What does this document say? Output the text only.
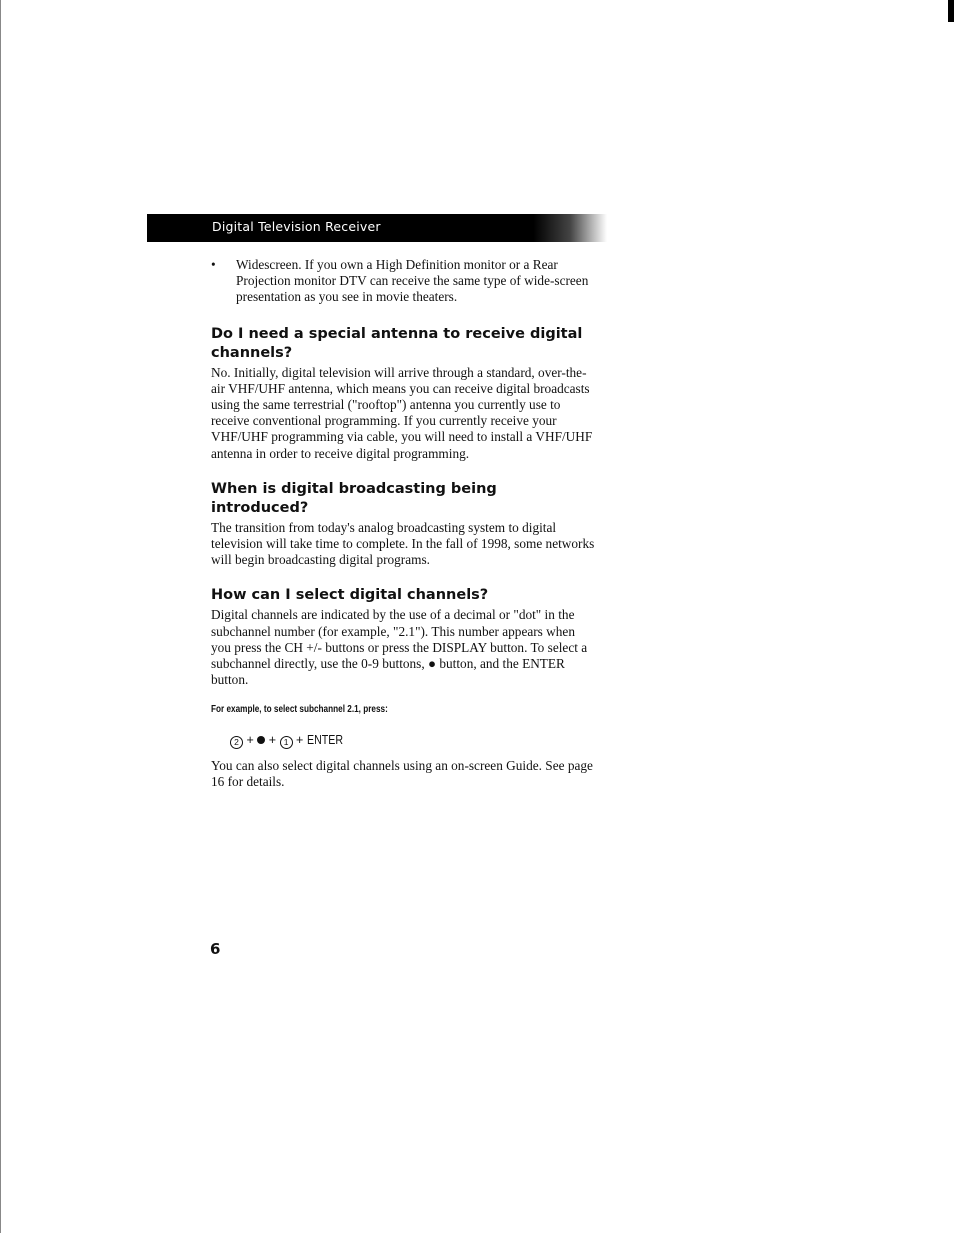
Digital Television Receiver
•	Widescreen. If you own a High Definition monitor or a Rear Projection monitor DTV can receive the same type of wide-screen presentation as you see in movie theaters.
Do I need a special antenna to receive digital channels?

No. Initially, digital television will arrive through a standard, over-the-air VHF/UHF antenna, which means you can receive digital broadcasts using the same terrestrial ("rooftop") antenna you currently use to receive conventional programming. If you currently receive your VHF/UHF programming via cable, you will need to install a VHF/UHF antenna in order to receive digital programming.

When is digital broadcasting being introduced?

The transition from today's analog broadcasting system to digital television will take time to complete. In the fall of 1998, some networks will begin broadcasting digital programs.

How can I select digital channels?

Digital channels are indicated by the use of a decimal or "dot" in the subchannel number (for example, "2.1"). This number appears when you press the CH +/- buttons or press the DISPLAY button. To select a subchannel directly, use the 0-9 buttons, ● button, and the ENTER button.

For example, to select subchannel 2.1, press:
2 + + 1 + ENTER

You can also select digital channels using an on-screen Guide. See page 16 for details.

6
